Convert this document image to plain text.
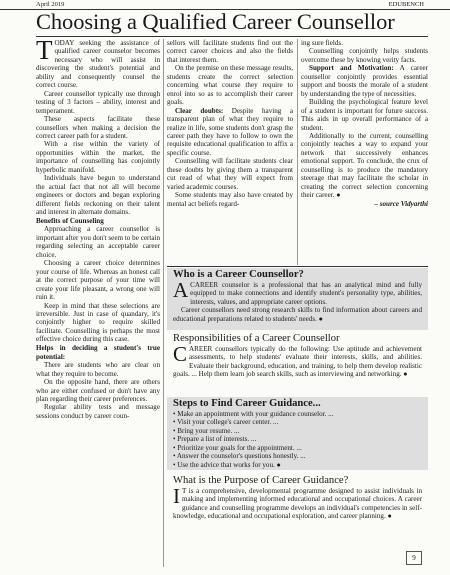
April 2019	EDUBENCH
Choosing a Qualified Career Counsellor

TODAY seeking the assistance of qualified career counselor becomes necessary who will assist in discovering the student's potential and ability and consequently counsel the correct course.

Career counsellor typically use through testing of 3 factors – ability, interest and temperament.

These aspects facilitate these counsellors when making a decision the correct career path for a student.

With a rise within the variety of opportunities within the market, the importance of counselling has conjointly hyperbolic manifold.

Individuals have begun to understand the actual fact that not all will become engineers or doctors and began exploring different fields reckoning on their talent and interest in alternate domains.

Benefits of Counseling

Approaching a career counsellor is important after you don't seem to be certain regarding selecting an acceptable career choice.

Choosing a career choice determines your course of life. Whereas an honest call at the correct purpose of your time will create your life pleasant, a wrong one will ruin it.

Keep in mind that these selections are irreversible. Just in case of quandary, it's conjointly higher to require skilled facilitate. Counselling is perhaps the most effective choice during this case.

Helps in deciding a student's true potential:

There are students who are clear on what they require to become.

On the opposite hand, there are others who are either confused or don't have any plan regarding their career preferences.

Regular ability tests and message sessions conduct by career coun-

sellors will facilitate students find out the correct career choices and also the fields that interest them.

On the premise on these message results, students create the correct selection concerning what course they require to enrol into so as to accomplish their career goals.

Clear doubts: Despite having a transparent plan of what they require to realize in life, some students don't grasp the career path they have to follow to own the requisite educational qualification to affix a specific course.

Counselling will facilitate students clear these doubts by giving them a transparent cut read of what they will expect from varied academic courses.

Some students may also have created by mental act beliefs regard-

ing sure fields.

Counselling conjointly helps students overcome these by knowing verity facts.

Support and Motivation: A career counsellor conjointly provides essential support and boosts the morale of a student by understanding the type of necessities.

Building the psychological feature level of a student is important for future success. This aids in up overall performance of a student.

Additionally to the current, counselling conjointly teaches a way to expand your network that successively enhances emotional support. To conclude, the crux of counselling is to produce the mandatory steerage that may facilitate the scholar in creating the correct selection concerning their career. ●

– source Vidyarthi

Who is a Career Counsellor?

ACAREER counselor is a professional that has an analytical mind and fully equipped to make connections and identify student's personality type, abilities, interests, values, and appropriate career options.

Career counsellors need strong research skills to find information about careers and educational preparations related to students' needs. ●

Responsibilities of a Career Counsellor

CAREER counsellors typically do the following: Use aptitude and achievement assessments, to help students' evaluate their interests, skills, and abilities. Evaluate their background, education, and training, to help them develop realistic goals. ... Help them learn job search skills, such as interviewing and networking. ●

Steps to Find Career Guidance...
• Make an appointment with your guidance counselor. ...
• Visit your college's career center. ...
• Bring your resume. ...
• Prepare a list of interests. ...
• Prioritize your goals for the appointment. ...
• Answer the counselor's questions honestly. ...
• Use the advice that works for you. ●
What is the Purpose of Career Guidance?

I T is a comprehensive, developmental programme designed to assist individuals in making and implementing informed educational and occupational choices. A career guidance and counselling programme develops an individual's competencies in self-knowledge, educational and occupational exploration, and career planning. ●

9
